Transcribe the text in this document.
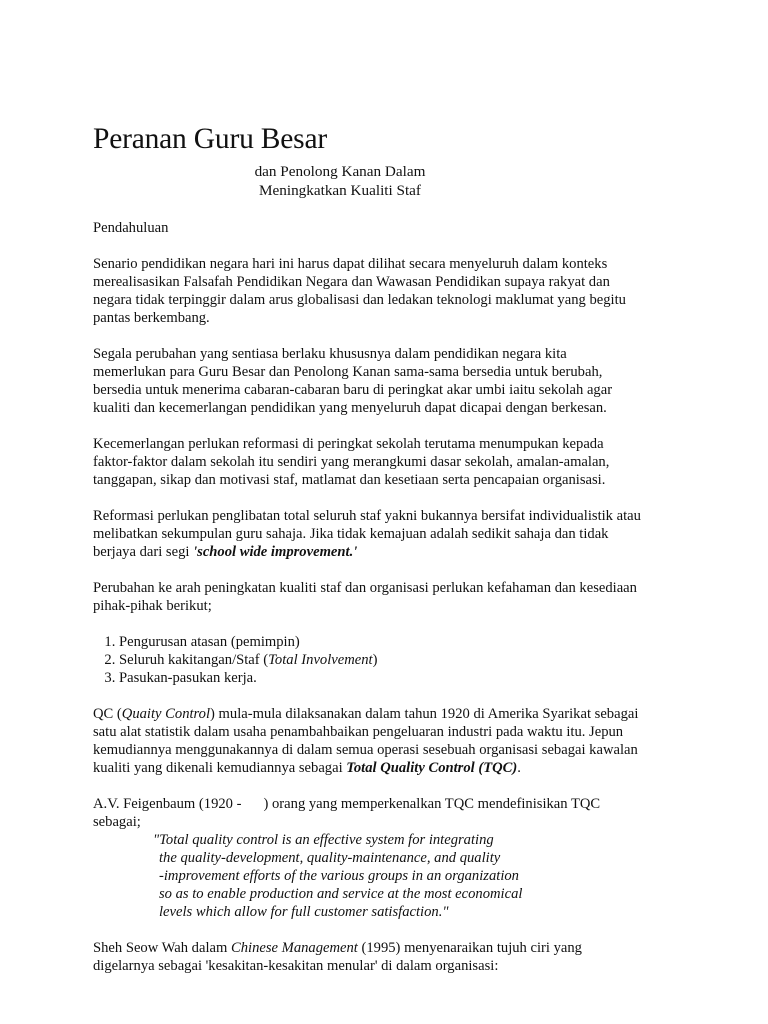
Peranan Guru Besar
dan Penolong Kanan Dalam
Meningkatkan Kualiti Staf
Pendahuluan
Senario pendidikan negara hari ini harus dapat dilihat secara menyeluruh dalam konteks
merealisasikan Falsafah Pendidikan Negara dan Wawasan Pendidikan supaya rakyat dan
negara tidak terpinggir dalam arus globalisasi dan ledakan teknologi maklumat yang begitu
pantas berkembang.
Segala perubahan yang sentiasa berlaku khususnya dalam pendidikan negara kita
memerlukan para Guru Besar dan Penolong Kanan sama-sama bersedia untuk berubah,
bersedia untuk menerima cabaran-cabaran baru di peringkat akar umbi iaitu sekolah agar
kualiti dan kecemerlangan pendidikan yang menyeluruh dapat dicapai dengan berkesan.
Kecemerlangan perlukan reformasi di peringkat sekolah terutama menumpukan kepada
faktor-faktor dalam sekolah itu sendiri yang merangkumi dasar sekolah, amalan-amalan,
tanggapan, sikap dan motivasi staf, matlamat dan kesetiaan serta pencapaian organisasi.
Reformasi perlukan penglibatan total seluruh staf yakni bukannya bersifat individualistik atau
melibatkan sekumpulan guru sahaja. Jika tidak kemajuan adalah sedikit sahaja dan tidak
berjaya dari segi 'school wide improvement.'
Perubahan ke arah peningkatan kualiti staf dan organisasi perlukan kefahaman dan kesediaan
pihak-pihak berikut;
1. Pengurusan atasan (pemimpin)
2. Seluruh kakitangan/Staf (Total Involvement)
3. Pasukan-pasukan kerja.
QC (Quaity Control) mula-mula dilaksanakan dalam tahun 1920 di Amerika Syarikat sebagai
satu alat statistik dalam usaha penambahbaikan pengeluaran industri pada waktu itu. Jepun
kemudiannya menggunakannya di dalam semua operasi sesebuah organisasi sebagai kawalan
kualiti yang dikenali kemudiannya sebagai Total Quality Control (TQC).
A.V. Feigenbaum (1920 - ) orang yang memperkenalkan TQC mendefinisikan TQC
sebagai;
"Total quality control is an effective system for integrating
the quality-development, quality-maintenance, and quality
-improvement efforts of the various groups in an organization
so as to enable production and service at the most economical
levels which allow for full customer satisfaction."
Sheh Seow Wah dalam Chinese Management (1995) menyenaraikan tujuh ciri yang
digelarnya sebagai 'kesakitan-kesakitan menular' di dalam organisasi:
